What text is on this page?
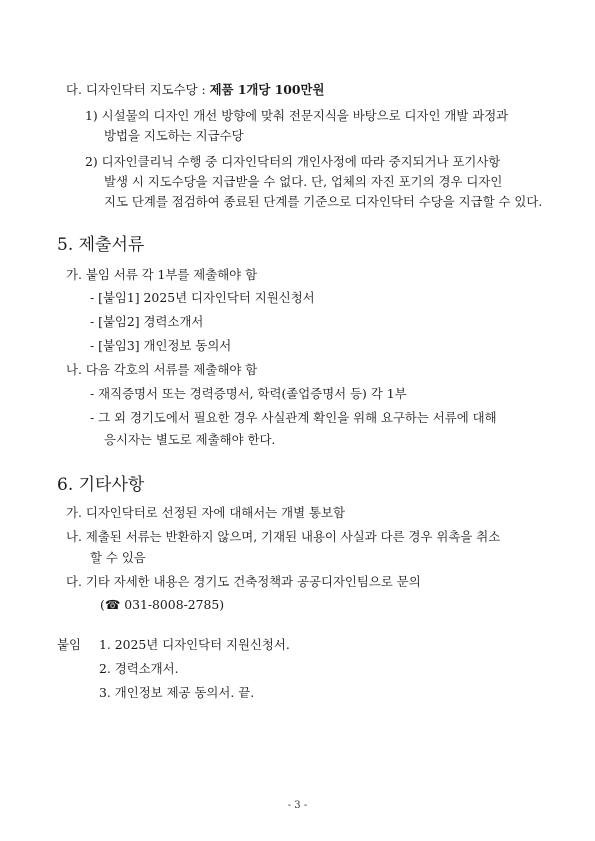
다. 디자인닥터 지도수당 : 제품 1개당 100만원
1) 시설물의 디자인 개선 방향에 맞춰 전문지식을 바탕으로 디자인 개발 과정과
방법을 지도하는 지급수당
2) 디자인클리닉 수행 중 디자인닥터의 개인사정에 따라 중지되거나 포기사항
발생 시 지도수당을 지급받을 수 없다. 단, 업체의 자진 포기의 경우 디자인
지도 단계를 점검하여 종료된 단계를 기준으로 디자인닥터 수당을 지급할 수 있다.
5. 제출서류
가. 붙임 서류 각 1부를 제출해야 함
- [붙임1] 2025년 디자인닥터 지원신청서
- [붙임2] 경력소개서
- [붙임3] 개인정보 동의서
나. 다음 각호의 서류를 제출해야 함
- 재직증명서 또는 경력증명서, 학력(졸업증명서 등) 각 1부
- 그 외 경기도에서 필요한 경우 사실관계 확인을 위해 요구하는 서류에 대해
응시자는 별도로 제출해야 한다.
6. 기타사항
가. 디자인닥터로 선정된 자에 대해서는 개별 통보함
나. 제출된 서류는 반환하지 않으며, 기재된 내용이 사실과 다른 경우 위촉을 취소
할 수 있음
다. 기타 자세한 내용은 경기도 건축정책과 공공디자인팀으로 문의
(☎ 031-8008-2785)
붙임 1. 2025년 디자인닥터 지원신청서.
2. 경력소개서.
3. 개인정보 제공 동의서. 끝.
- 3 -
